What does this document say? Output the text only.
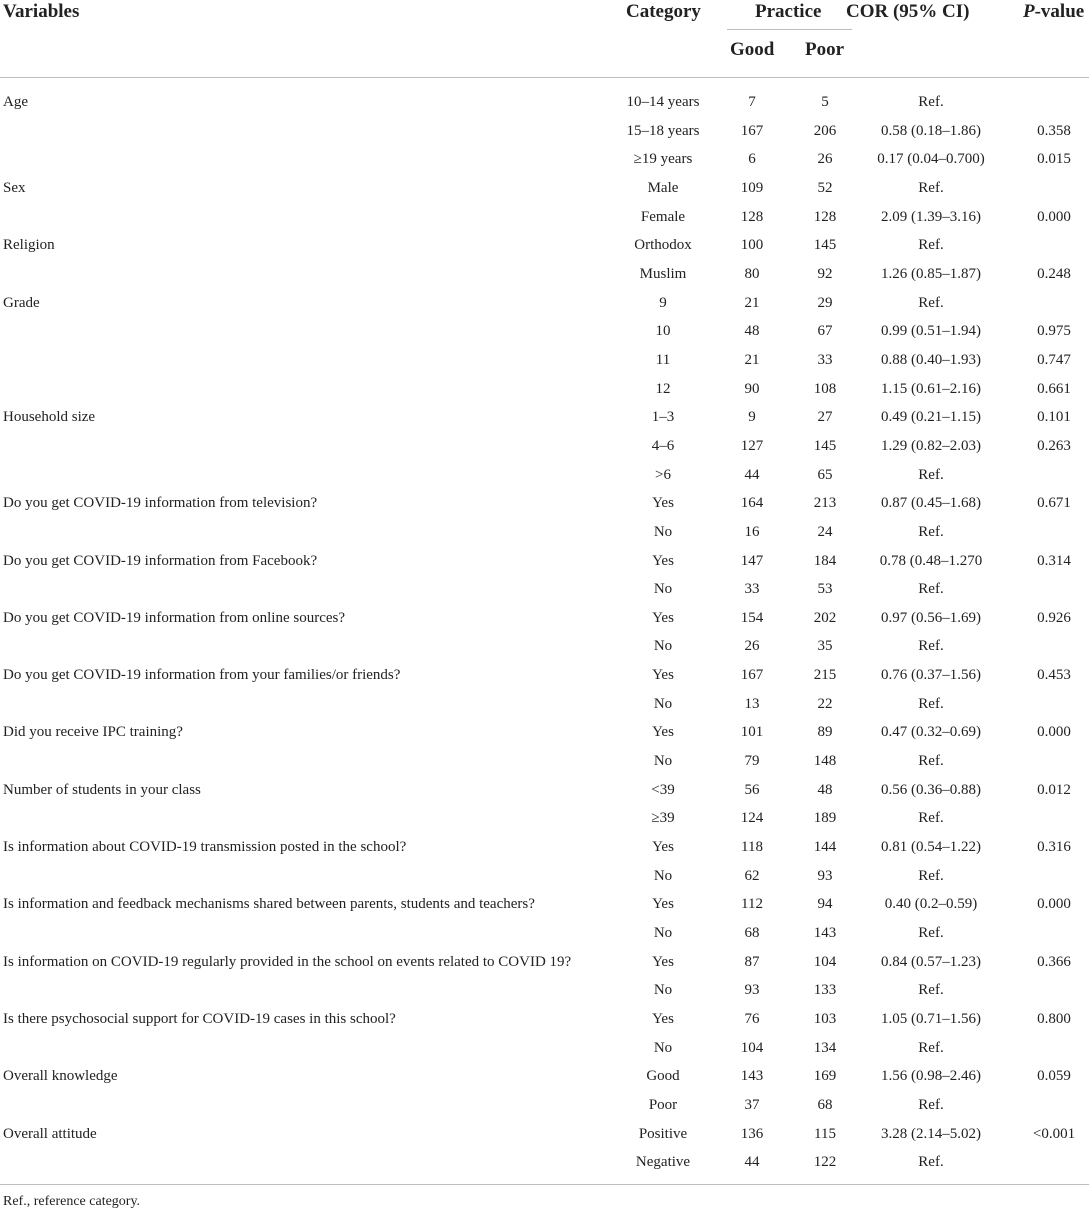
Variables	Category	Practice COR (95% CI)	P-value
Good Poor
Age	10–14 years	7	5	Ref.
15–18 years	167	206	0.58 (0.18–1.86)	0.358
≥19 years	6	26	0.17 (0.04–0.700)	0.015
Sex	Male	109	52	Ref.
Female	128	128	2.09 (1.39–3.16)	0.000
Religion	Orthodox	100	145	Ref.
Muslim	80	92	1.26 (0.85–1.87)	0.248
Grade	9	21	29	Ref.
10	48	67	0.99 (0.51–1.94)	0.975
11	21	33	0.88 (0.40–1.93)	0.747
12	90	108	1.15 (0.61–2.16)	0.661
Household size	1–3	9	27	0.49 (0.21–1.15)	0.101
4–6	127	145	1.29 (0.82–2.03)	0.263
>6	44	65	Ref.
Do you get COVID-19 information from television?	Yes	164	213	0.87 (0.45–1.68)	0.671
No	16	24	Ref.
Do you get COVID-19 information from Facebook?	Yes	147	184	0.78 (0.48–1.270	0.314
No	33	53	Ref.
Do you get COVID-19 information from online sources?	Yes	154	202	0.97 (0.56–1.69)	0.926
No	26	35	Ref.
Do you get COVID-19 information from your families/or friends?	Yes	167	215	0.76 (0.37–1.56)	0.453
No	13	22	Ref.
Did you receive IPC training?	Yes	101	89	0.47 (0.32–0.69)	0.000
No	79	148	Ref.
Number of students in your class	<39	56	48	0.56 (0.36–0.88)	0.012
≥39	124	189	Ref.
Is information about COVID-19 transmission posted in the school?	Yes	118	144	0.81 (0.54–1.22)	0.316
No	62	93	Ref.
Is information and feedback mechanisms shared between parents, students and teachers?	Yes	112	94	0.40 (0.2–0.59)	0.000
No	68	143	Ref.
Is information on COVID-19 regularly provided in the school on events related to COVID 19?	Yes	87	104	0.84 (0.57–1.23)	0.366
No	93	133	Ref.
Is there psychosocial support for COVID-19 cases in this school?	Yes	76	103	1.05 (0.71–1.56)	0.800
No	104	134	Ref.
Overall knowledge	Good	143	169	1.56 (0.98–2.46)	0.059
Poor	37	68	Ref.
Overall attitude	Positive	136	115	3.28 (2.14–5.02)	<0.001
Negative	44	122	Ref.
Ref., reference category.
